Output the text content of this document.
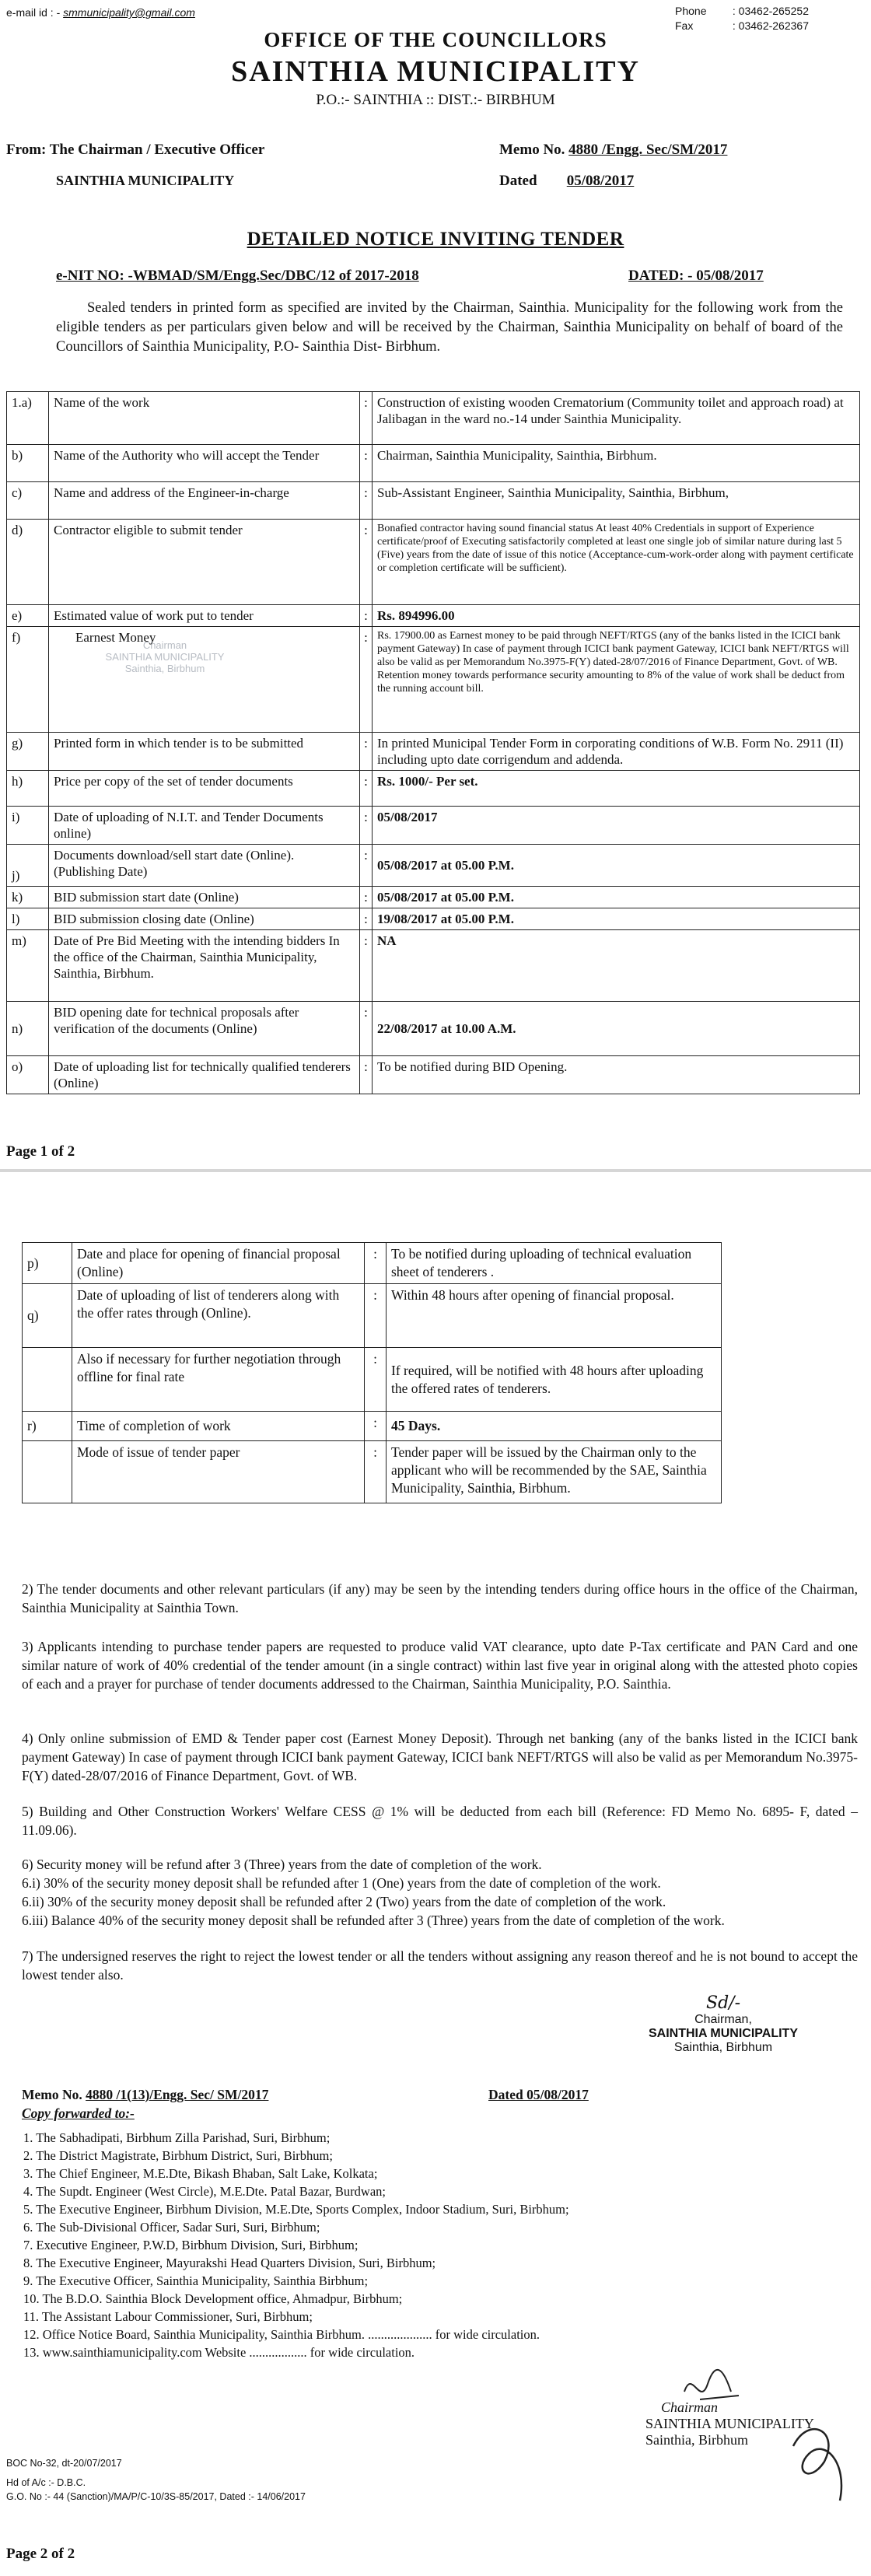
e-mail id : - smmunicipality@gmail.com	Phone : 03462-265252
Fax	: 03462-262367
OFFICE OF THE COUNCILLORS
SAINTHIA MUNICIPALITY
P.O.:- SAINTHIA :: DIST.:- BIRBHUM
From: The Chairman / Executive Officer
SAINTHIA MUNICIPALITY
Memo No. 4880 /Engg. Sec/SM/2017
Dated 05/08/2017
DETAILED NOTICE INVITING TENDER
e-NIT NO: -WBMAD/SM/Engg.Sec/DBC/12 of 2017-2018	DATED: - 05/08/2017
Sealed tenders in printed form as specified are invited by the Chairman, Sainthia. Municipality for the following work from the eligible tenders as per particulars given below and will be received by the Chairman, Sainthia Municipality on behalf of board of the Councillors of Sainthia Municipality, P.O- Sainthia Dist- Birbhum.
Chairman
SAINTHIA MUNICIPALITY
Sainthia, Birbhum
1.a)	Name of the work	:	Construction of existing wooden Crematorium (Community toilet and approach road) at Jalibagan in the ward no.-14 under Sainthia Municipality.
b)	Name of the Authority who will accept the Tender	:	Chairman, Sainthia Municipality, Sainthia, Birbhum.
c)	Name and address of the Engineer-in-charge	:	Sub-Assistant Engineer, Sainthia Municipality, Sainthia, Birbhum,
d)	Contractor eligible to submit tender	:	Bonafied contractor having sound financial status At least 40% Credentials in support of Experience certificate/proof of Executing satisfactorily completed at least one single job of similar nature during last 5 (Five) years from the date of issue of this notice (Acceptance-cum-work-order along with payment certificate or completion certificate will be sufficient).
e)	Estimated value of work put to tender	:	Rs. 894996.00
f)	Earnest Money	:	Rs. 17900.00 as Earnest money to be paid through NEFT/RTGS (any of the banks listed in the ICICI bank payment Gateway) In case of payment through ICICI bank payment Gateway, ICICI bank NEFT/RTGS will also be valid as per Memorandum No.3975-F(Y) dated-28/07/2016 of Finance Department, Govt. of WB. Retention money towards performance security amounting to 8% of the value of work shall be deduct from the running account bill.
g)	Printed form in which tender is to be submitted	:	In printed Municipal Tender Form in corporating conditions of W.B. Form No. 2911 (II) including upto date corrigendum and addenda.
h)	Price per copy of the set of tender documents	:	Rs. 1000/- Per set.
i)	Date of uploading of N.I.T. and Tender Documents online)	:	05/08/2017
j)	Documents download/sell start date (Online). (Publishing Date)	:	05/08/2017 at 05.00 P.M.
k)	BID submission start date (Online)	:	05/08/2017 at 05.00 P.M.
l)	BID submission closing date (Online)	:	19/08/2017 at 05.00 P.M.
m)	Date of Pre Bid Meeting with the intending bidders In the office of the Chairman, Sainthia Municipality, Sainthia, Birbhum.	:	NA
n)	BID opening date for technical proposals after verification of the documents (Online)	:	22/08/2017 at 10.00 A.M.
o)	Date of uploading list for technically qualified tenderers (Online)	:	To be notified during BID Opening.
Page 1 of 2
p)	Date and place for opening of financial proposal (Online)	:	To be notified during uploading of technical evaluation sheet of tenderers .
q)	Date of uploading of list of tenderers along with the offer rates through (Online).	:	Within 48 hours after opening of financial proposal.
	Also if necessary for further negotiation through offline for final rate	:	If required, will be notified with 48 hours after uploading the offered rates of tenderers.
r)	Time of completion of work	:	45 Days.
	Mode of issue of tender paper	:	Tender paper will be issued by the Chairman only to the applicant who will be recommended by the SAE, Sainthia Municipality, Sainthia, Birbhum.
2) The tender documents and other relevant particulars (if any) may be seen by the intending tenders during office hours in the office of the Chairman, Sainthia Municipality at Sainthia Town.
3) Applicants intending to purchase tender papers are requested to produce valid VAT clearance, upto date P-Tax certificate and PAN Card and one similar nature of work of 40% credential of the tender amount (in a single contract) within last five year in original along with the attested photo copies of each and a prayer for purchase of tender documents addressed to the Chairman, Sainthia Municipality, P.O. Sainthia.
4) Only online submission of EMD & Tender paper cost (Earnest Money Deposit). Through net banking (any of the banks listed in the ICICI bank payment Gateway) In case of payment through ICICI bank payment Gateway, ICICI bank NEFT/RTGS will also be valid as per Memorandum No.3975-F(Y) dated-28/07/2016 of Finance Department, Govt. of WB.
5) Building and Other Construction Workers' Welfare CESS @ 1% will be deducted from each bill (Reference: FD Memo No. 6895- F, dated – 11.09.06).
6) Security money will be refund after 3 (Three) years from the date of completion of the work.
6.i) 30% of the security money deposit shall be refunded after 1 (One) years from the date of completion of the work.
6.ii) 30% of the security money deposit shall be refunded after 2 (Two) years from the date of completion of the work.
6.iii) Balance 40% of the security money deposit shall be refunded after 3 (Three) years from the date of completion of the work.
7) The undersigned reserves the right to reject the lowest tender or all the tenders without assigning any reason thereof and he is not bound to accept the lowest tender also.
Sd/-
Chairman,
SAINTHIA MUNICIPALITY
Sainthia, Birbhum
Memo No. 4880 /1(13)/Engg. Sec/ SM/2017	Dated 05/08/2017
Copy forwarded to:-
1. The Sabhadipati, Birbhum Zilla Parishad, Suri, Birbhum;
2. The District Magistrate, Birbhum District, Suri, Birbhum;
3. The Chief Engineer, M.E.Dte, Bikash Bhaban, Salt Lake, Kolkata;
4. The Supdt. Engineer (West Circle), M.E.Dte. Patal Bazar, Burdwan;
5. The Executive Engineer, Birbhum Division, M.E.Dte, Sports Complex, Indoor Stadium, Suri, Birbhum;
6. The Sub-Divisional Officer, Sadar Suri, Suri, Birbhum;
7. Executive Engineer, P.W.D, Birbhum Division, Suri, Birbhum;
8. The Executive Engineer, Mayurakshi Head Quarters Division, Suri, Birbhum;
9. The Executive Officer, Sainthia Municipality, Sainthia Birbhum;
10. The B.D.O. Sainthia Block Development office, Ahmadpur, Birbhum;
11. The Assistant Labour Commissioner, Suri, Birbhum;
12. Office Notice Board, Sainthia Municipality, Sainthia Birbhum. .................... for wide circulation.
13. www.sainthiamunicipality.com Website .................. for wide circulation.
Chairman
SAINTHIA MUNICIPALITY
Sainthia, Birbhum
BOC No-32, dt-20/07/2017
Hd of A/c :- D.B.C.
G.O. No :- 44 (Sanction)/MA/P/C-10/3S-85/2017, Dated :- 14/06/2017
Page 2 of 2
